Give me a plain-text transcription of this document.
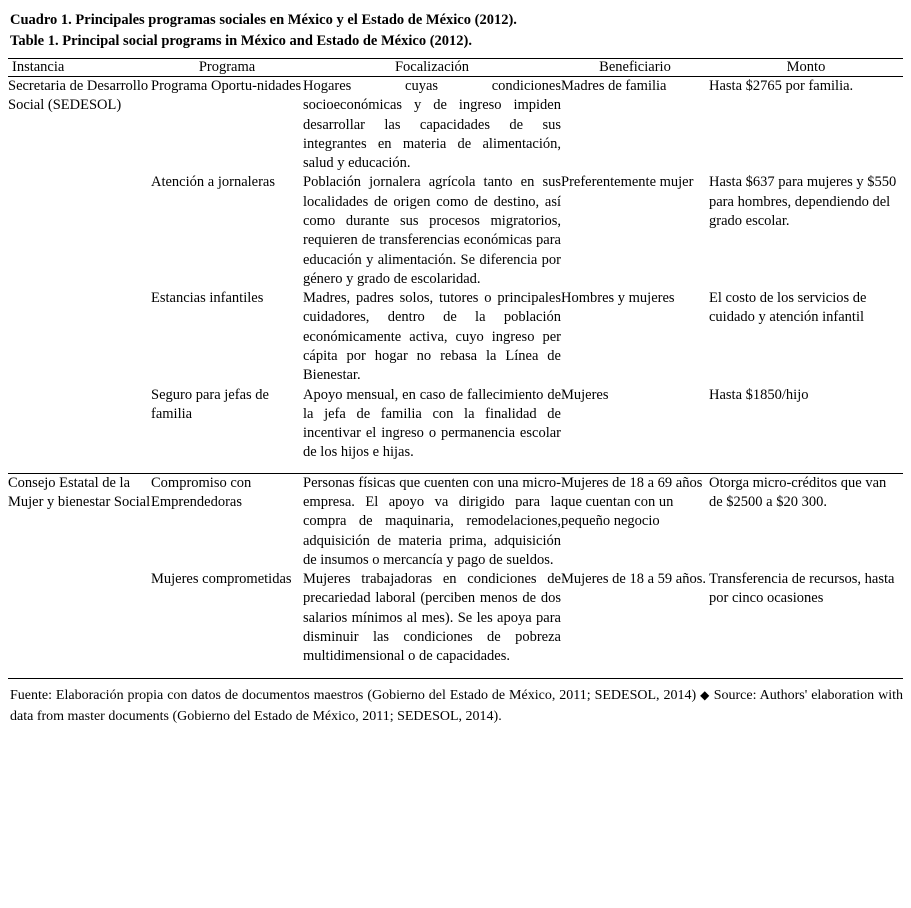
Cuadro 1. Principales programas sociales en México y el Estado de México (2012).
Table 1. Principal social programs in México and Estado de México (2012).
Instancia	Programa	Focalización	Beneficiario	Monto
Secretaria de Desarrollo Social (SEDESOL)	Programa Oportu-nidades	Hogares cuyas condiciones socioeconómicas y de ingreso impiden desarrollar las capacidades de sus integrantes en materia de alimentación, salud y educación.	Madres de familia	Hasta $2765 por familia.
	Atención a jornaleras	Población jornalera agrícola tanto en sus localidades de origen como de destino, así como durante sus procesos migratorios, requieren de transferencias económicas para educación y alimentación. Se diferencia por género y grado de escolaridad.	Preferentemente mujer	Hasta $637 para mujeres y $550 para hombres, dependiendo del grado escolar.
	Estancias infantiles	Madres, padres solos, tutores o principales cuidadores, dentro de la población económicamente activa, cuyo ingreso per cápita por hogar no rebasa la Línea de Bienestar.	Hombres y mujeres	El costo de los servicios de cuidado y atención infantil
	Seguro para jefas de familia	Apoyo mensual, en caso de fallecimiento de la jefa de familia con la finalidad de incentivar el ingreso o permanencia escolar de los hijos e hijas.	Mujeres	Hasta $1850/hijo

Consejo Estatal de la Mujer y bienestar Social	Compromiso con Emprendedoras	Personas físicas que cuenten con una micro-empresa. El apoyo va dirigido para la compra de maquinaria, remodelaciones, adquisición de materia prima, adquisición de insumos o mercancía y pago de sueldos.	Mujeres de 18 a 69 años que cuentan con un pequeño negocio	Otorga micro-créditos que van de $2500 a $20 300.
	Mujeres comprometidas	Mujeres trabajadoras en condiciones de precariedad laboral (perciben menos de dos salarios mínimos al mes). Se les apoya para disminuir las condiciones de pobreza multidimensional o de capacidades.	Mujeres de 18 a 59 años.	Transferencia de recursos, hasta por cinco ocasiones

Fuente: Elaboración propia con datos de documentos maestros (Gobierno del Estado de México, 2011; SEDESOL, 2014) ◆ Source: Authors' elaboration with data from master documents (Gobierno del Estado de México, 2011; SEDESOL, 2014).
